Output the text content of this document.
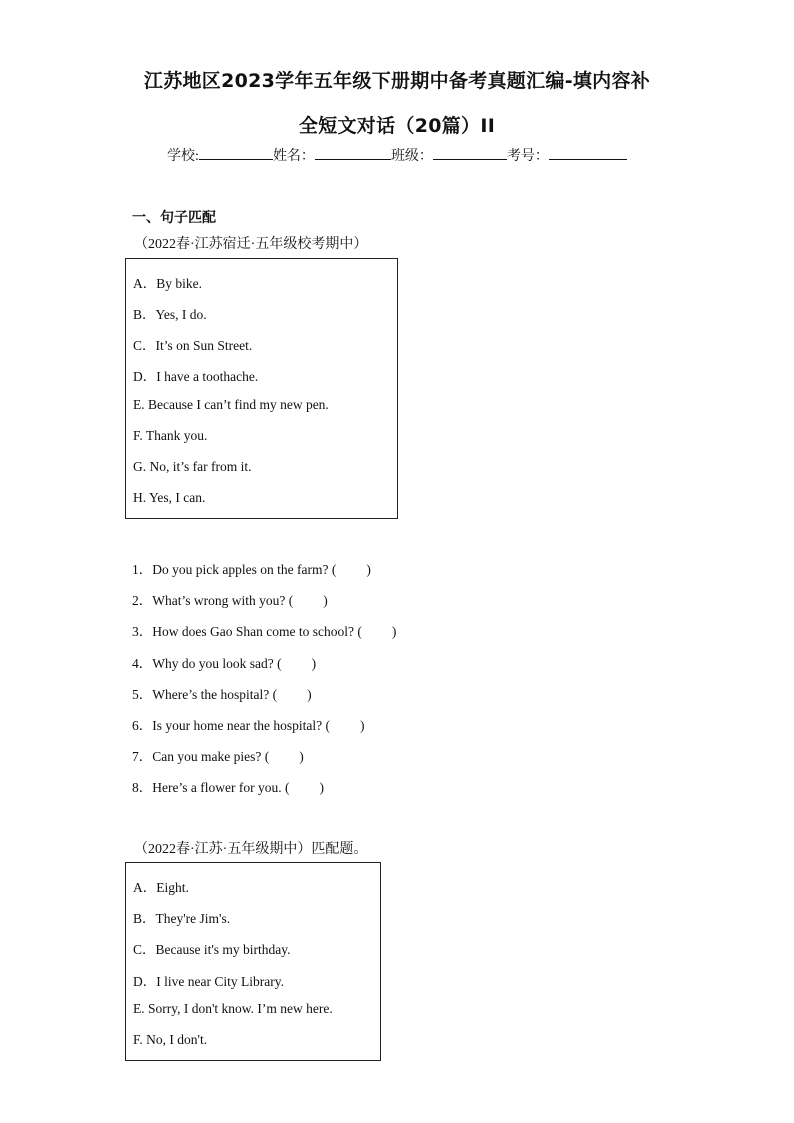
江苏地区2023学年五年级下册期中备考真题汇编-填内容补
全短文对话（20篇）II
学校:	姓名：	班级：	考号：
一、句子匹配
（2022春·江苏宿迁·五年级校考期中）
A．By bike.
B．Yes, I do.
C．It’s on Sun Street.
D．I have a toothache.
E. Because I can’t find my new pen.
F. Thank you.
G. No, it’s far from it.
H. Yes, I can.
1．Do you pick apples on the farm? ( )
2．What’s wrong with you? ( )
3．How does Gao Shan come to school? ( )
4．Why do you look sad? ( )
5．Where’s the hospital? ( )
6．Is your home near the hospital? ( )
7．Can you make pies? ( )
8．Here’s a flower for you. ( )
（2022春·江苏·五年级期中）匹配题。
A．Eight.
B．They're Jim's.
C．Because it's my birthday.
D．I live near City Library.
E. Sorry, I don't know. I’m new here.
F. No, I don't.
